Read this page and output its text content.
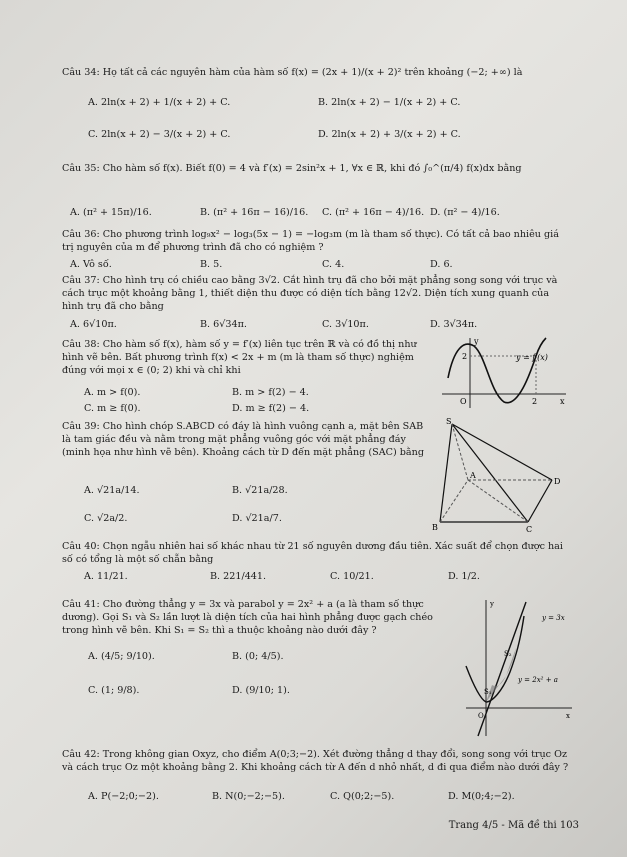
Câu 34: Họ tất cả các nguyên hàm của hàm số f(x) = (2x + 1)/(x + 2)² trên khoảng (−2; +∞) là
A. 2ln(x + 2) + 1/(x + 2) + C.	B. 2ln(x + 2) − 1/(x + 2) + C.
C. 2ln(x + 2) − 3/(x + 2) + C.	D. 2ln(x + 2) + 3/(x + 2) + C.
Câu 35: Cho hàm số f(x). Biết f(0) = 4 và f′(x) = 2sin²x + 1, ∀x ∈ ℝ, khi đó ∫₀^(π/4) f(x)dx bằng
A. (π² + 15π)/16.	B. (π² + 16π − 16)/16. C. (π² + 16π − 4)/16. D. (π² − 4)/16.
Câu 36: Cho phương trình log₉x² − log₃(5x − 1) = −log₃m (m là tham số thực). Có tất cả bao nhiêu giá trị nguyên của m để phương trình đã cho có nghiệm ?
A. Vô số.	B. 5.	C. 4.	D. 6.
Câu 37: Cho hình trụ có chiều cao bằng 3√2. Cắt hình trụ đã cho bởi mặt phẳng song song với trục và cách trục một khoảng bằng 1, thiết diện thu được có diện tích bằng 12√2. Diện tích xung quanh của hình trụ đã cho bằng
A. 6√10π.	B. 6√34π.	C. 3√10π.	D. 3√34π.
Câu 38: Cho hàm số f(x), hàm số y = f′(x) liên tục trên ℝ và có đồ thị như hình vẽ bên. Bất phương trình f(x) < 2x + m (m là tham số thực) nghiệm đúng với mọi x ∈ (0; 2) khi và chỉ khi
A. m > f(0).	B. m > f(2) − 4.
C. m ≥ f(0).	D. m ≥ f(2) − 4.
y
2
O	2	x
y = f′(x)
Câu 39: Cho hình chóp S.ABCD có đáy là hình vuông cạnh a, mặt bên SAB là tam giác đều và nằm trong mặt phẳng vuông góc với mặt phẳng đáy (minh họa như hình vẽ bên). Khoảng cách từ D đến mặt phẳng (SAC) bằng
A. √21a/14.	B. √21a/28.
C. √2a/2.	D. √21a/7.
S
A
D
B	C
Câu 40: Chọn ngẫu nhiên hai số khác nhau từ 21 số nguyên dương đầu tiên. Xác suất để chọn được hai số có tổng là một số chẵn bằng
A. 11/21.	B. 221/441.	C. 10/21.	D. 1/2.
Câu 41: Cho đường thẳng y = 3x và parabol y = 2x² + a (a là tham số thực dương). Gọi S₁ và S₂ lần lượt là diện tích của hai hình phẳng được gạch chéo trong hình vẽ bên. Khi S₁ = S₂ thì a thuộc khoảng nào dưới đây ?
A. (4/5; 9/10).	B. (0; 4/5).
C. (1; 9/8).	D. (9/10; 1).
y
y = 3x
S₂
S₁
y = 2x² + a
O	x
Câu 42: Trong không gian Oxyz, cho điểm A(0;3;−2). Xét đường thẳng d thay đổi, song song với trục Oz và cách trục Oz một khoảng bằng 2. Khi khoảng cách từ A đến d nhỏ nhất, d đi qua điểm nào dưới đây ?
A. P(−2;0;−2).	B. N(0;−2;−5).	C. Q(0;2;−5).	D. M(0;4;−2).
Trang 4/5 - Mã đề thi 103
